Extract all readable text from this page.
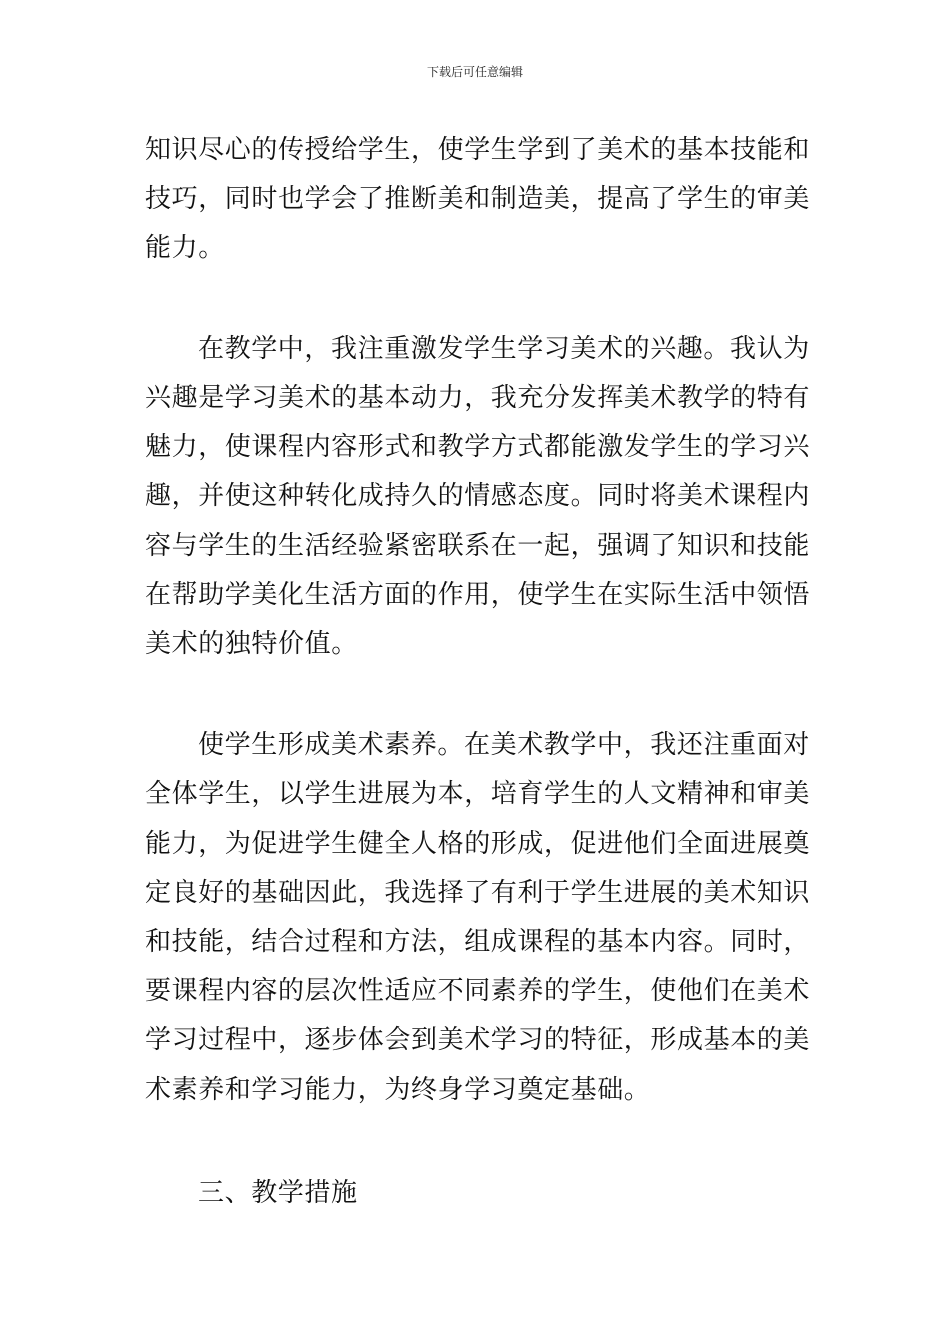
下载后可任意编辑
知识尽心的传授给学生，使学生学到了美术的基本技能和
技巧，同时也学会了推断美和制造美，提高了学生的审美
能力。
在教学中，我注重激发学生学习美术的兴趣。我认为
兴趣是学习美术的基本动力，我充分发挥美术教学的特有
魅力，使课程内容形式和教学方式都能激发学生的学习兴
趣，并使这种转化成持久的情感态度。同时将美术课程内
容与学生的生活经验紧密联系在一起，强调了知识和技能
在帮助学美化生活方面的作用，使学生在实际生活中领悟
美术的独特价值。
使学生形成美术素养。在美术教学中，我还注重面对
全体学生，以学生进展为本，培育学生的人文精神和审美
能力，为促进学生健全人格的形成，促进他们全面进展奠
定良好的基础因此，我选择了有利于学生进展的美术知识
和技能，结合过程和方法，组成课程的基本内容。同时，
要课程内容的层次性适应不同素养的学生，使他们在美术
学习过程中，逐步体会到美术学习的特征，形成基本的美
术素养和学习能力，为终身学习奠定基础。
三、教学措施
